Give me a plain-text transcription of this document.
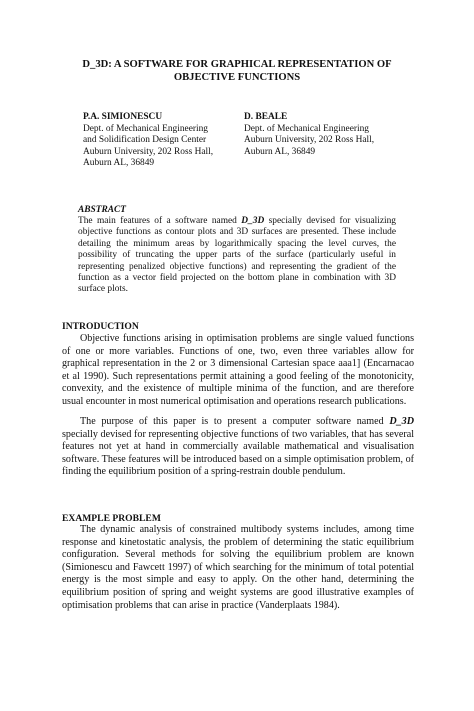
D_3D: A SOFTWARE FOR GRAPHICAL REPRESENTATION OF
OBJECTIVE FUNCTIONS
P.A. SIMIONESCU
Dept. of Mechanical Engineering
and Solidification Design Center
Auburn University, 202 Ross Hall,
Auburn AL, 36849
D. BEALE
Dept. of Mechanical Engineering
Auburn University, 202 Ross Hall,
Auburn AL, 36849
ABSTRACT

The main features of a software named D_3D specially devised for visualizing objective functions as contour plots and 3D surfaces are presented. These include detailing the minimum areas by logarithmically spacing the level curves, the possibility of truncating the upper parts of the surface (particularly useful in representing penalized objective functions) and representing the gradient of the function as a vector field projected on the bottom plane in combination with 3D surface plots.

INTRODUCTION

Objective functions arising in optimisation problems are single valued functions of one or more variables. Functions of one, two, even three variables allow for graphical representation in the 2 or 3 dimensional Cartesian space aaa1] (Encarnacao et al 1990). Such representations permit attaining a good feeling of the monotonicity, convexity, and the existence of multiple minima of the function, and are therefore usual encounter in most numerical optimisation and operations research publications.

The purpose of this paper is to present a computer software named D_3D specially devised for representing objective functions of two variables, that has several features not yet at hand in commercially available mathematical and visualisation software. These features will be introduced based on a simple optimisation problem, of finding the equilibrium position of a spring-restrain double pendulum.

EXAMPLE PROBLEM

The dynamic analysis of constrained multibody systems includes, among time response and kinetostatic analysis, the problem of determining the static equilibrium configuration. Several methods for solving the equilibrium problem are known (Simionescu and Fawcett 1997) of which searching for the minimum of total potential energy is the most simple and easy to apply. On the other hand, determining the equilibrium position of spring and weight systems are good illustrative examples of optimisation problems that can arise in practice (Vanderplaats 1984).
